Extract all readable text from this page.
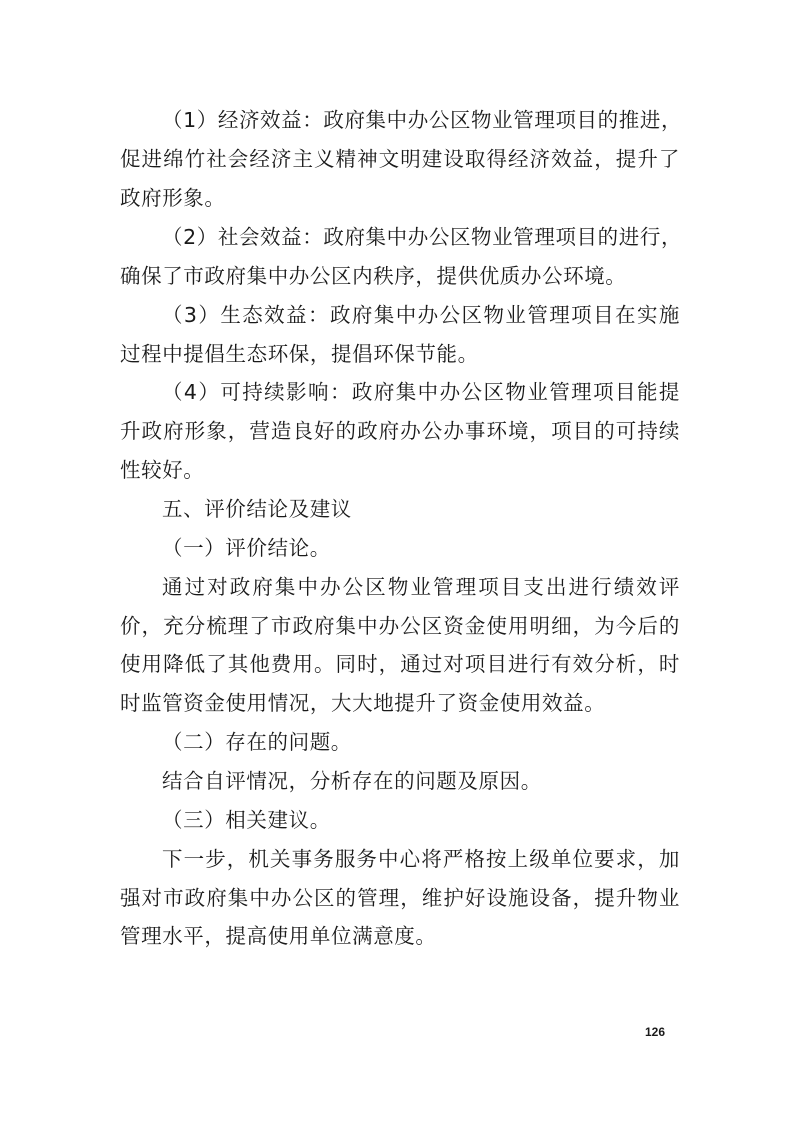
（1）经济效益：政府集中办公区物业管理项目的推进，
促进绵竹社会经济主义精神文明建设取得经济效益，提升了
政府形象。
（2）社会效益：政府集中办公区物业管理项目的进行，
确保了市政府集中办公区内秩序，提供优质办公环境。
（3）生态效益：政府集中办公区物业管理项目在实施
过程中提倡生态环保，提倡环保节能。
（4）可持续影响：政府集中办公区物业管理项目能提
升政府形象，营造良好的政府办公办事环境，项目的可持续
性较好。
五、评价结论及建议
（一）评价结论。
通过对政府集中办公区物业管理项目支出进行绩效评
价，充分梳理了市政府集中办公区资金使用明细，为今后的
使用降低了其他费用。同时，通过对项目进行有效分析，时
时监管资金使用情况，大大地提升了资金使用效益。
（二）存在的问题。
结合自评情况，分析存在的问题及原因。
（三）相关建议。
下一步，机关事务服务中心将严格按上级单位要求，加
强对市政府集中办公区的管理，维护好设施设备，提升物业
管理水平，提高使用单位满意度。
126
